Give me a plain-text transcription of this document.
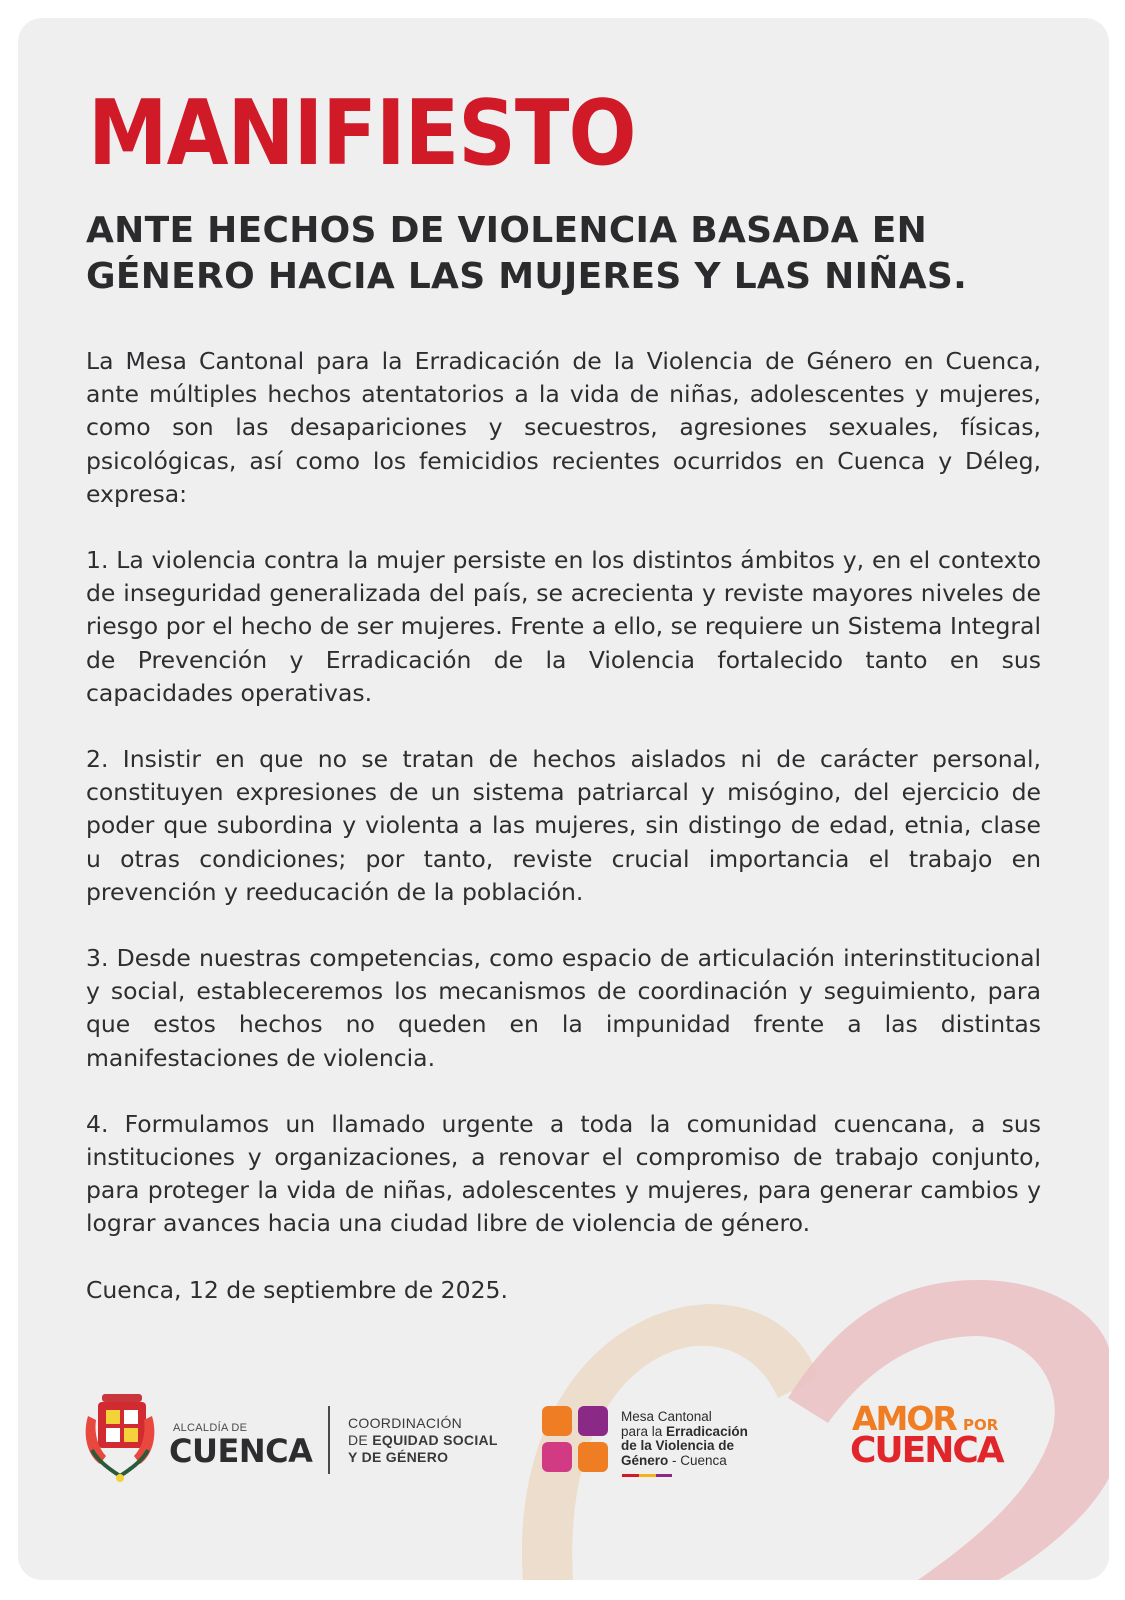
MANIFIESTO
ANTE HECHOS DE VIOLENCIA BASADA EN
GÉNERO HACIA LAS MUJERES Y LAS NIÑAS.

La Mesa Cantonal para la Erradicación de la Violencia de Género en Cuenca, ante múltiples hechos atentatorios a la vida de niñas, adolescentes y mujeres, como son las desapariciones y secuestros, agresiones sexuales, físicas, psicológicas, así como los femicidios recientes ocurridos en Cuenca y Déleg, expresa:

1. La violencia contra la mujer persiste en los distintos ámbitos y, en el contexto de inseguridad generalizada del país, se acrecienta y reviste mayores niveles de riesgo por el hecho de ser mujeres. Frente a ello, se requiere un Sistema Integral de Prevención y Erradicación de la Violencia fortalecido tanto en sus capacidades operativas.

2. Insistir en que no se tratan de hechos aislados ni de carácter personal, constituyen expresiones de un sistema patriarcal y misógino, del ejercicio de poder que subordina y violenta a las mujeres, sin distingo de edad, etnia, clase u otras condiciones; por tanto, reviste crucial importancia el trabajo en prevención y reeducación de la población.

3. Desde nuestras competencias, como espacio de articulación interinstitucional y social, estableceremos los mecanismos de coordinación y seguimiento, para que estos hechos no queden en la impunidad frente a las distintas manifestaciones de violencia.

4. Formulamos un llamado urgente a toda la comunidad cuencana, a sus instituciones y organizaciones, a renovar el compromiso de trabajo conjunto, para proteger la vida de niñas, adolescentes y mujeres, para generar cambios y lograr avances hacia una ciudad libre de violencia de género.

Cuenca, 12 de septiembre de 2025.

ALCALDÍA DE
CUENCA
COORDINACIÓN
DE EQUIDAD SOCIAL
Y DE GÉNERO
Mesa Cantonal
para la Erradicación
de la Violencia de
Género - Cuenca
AMOR POR
CUENCA
